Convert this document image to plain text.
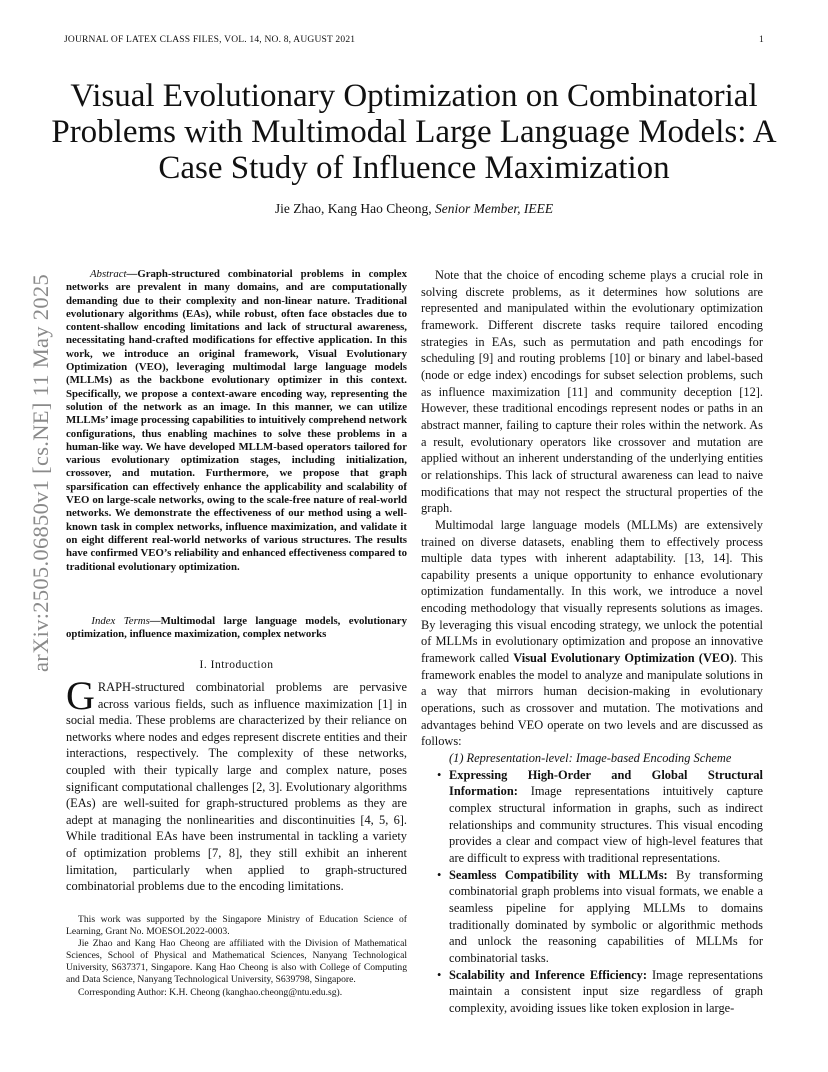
JOURNAL OF LATEX CLASS FILES, VOL. 14, NO. 8, AUGUST 2021	1
Visual Evolutionary Optimization on Combinatorial Problems with Multimodal Large Language Models: A Case Study of Influence Maximization
Jie Zhao, Kang Hao Cheong, Senior Member, IEEE
arXiv:2505.06850v1 [cs.NE] 11 May 2025	Abstract—Graph-structured combinatorial problems in complex networks are prevalent in many domains, and are computationally demanding due to their complexity and non-linear nature. Traditional evolutionary algorithms (EAs), while robust, often face obstacles due to content-shallow encoding limitations and lack of structural awareness, necessitating hand-crafted modifications for effective application. In this work, we introduce an original framework, Visual Evolutionary Optimization (VEO), leveraging multimodal large language models (MLLMs) as the backbone evolutionary optimizer in this context. Specifically, we propose a context-aware encoding way, representing the solution of the network as an image. In this manner, we can utilize MLLMs’ image processing capabilities to intuitively comprehend network configurations, thus enabling machines to solve these problems in a human-like way. We have developed MLLM-based operators tailored for various evolutionary optimization stages, including initialization, crossover, and mutation. Furthermore, we propose that graph sparsification can effectively enhance the applicability and scalability of VEO on large-scale networks, owing to the scale-free nature of real-world networks. We demonstrate the effectiveness of our method using a well-known task in complex networks, influence maximization, and validate it on eight different real-world networks of various structures. The results have confirmed VEO’s reliability and enhanced effectiveness compared to traditional evolutionary optimization.
Index Terms—Multimodal large language models, evolutionary optimization, influence maximization, complex networks
I. Introduction

GRAPH-structured combinatorial problems are pervasive across various fields, such as influence maximization [1] in social media. These problems are characterized by their reliance on networks where nodes and edges represent discrete entities and their interactions, respectively. The complexity of these networks, coupled with their typically large and complex nature, poses significant computational challenges [2, 3]. Evolutionary algorithms (EAs) are well-suited for graph-structured problems as they are adept at managing the nonlinearities and discontinuities [4, 5, 6]. While traditional EAs have been instrumental in tackling a variety of optimization problems [7, 8], they still exhibit an inherent limitation, particularly when applied to graph-structured combinatorial problems due to the encoding limitations.

This work was supported by the Singapore Ministry of Education Science of Learning, Grant No. MOESOL2022-0003.

Jie Zhao and Kang Hao Cheong are affiliated with the Division of Mathematical Sciences, School of Physical and Mathematical Sciences, Nanyang Technological University, S637371, Singapore. Kang Hao Cheong is also with College of Computing and Data Science, Nanyang Technological University, S639798, Singapore.

Corresponding Author: K.H. Cheong (kanghao.cheong@ntu.edu.sg).

Note that the choice of encoding scheme plays a crucial role in solving discrete problems, as it determines how solutions are represented and manipulated within the evolutionary optimization framework. Different discrete tasks require tailored encoding strategies in EAs, such as permutation and path encodings for scheduling [9] and routing problems [10] or binary and label-based (node or edge index) encodings for subset selection problems, such as influence maximization [11] and community deception [12]. However, these traditional encodings represent nodes or paths in an abstract manner, failing to capture their roles within the network. As a result, evolutionary operators like crossover and mutation are applied without an inherent understanding of the underlying entities or relationships. This lack of structural awareness can lead to naive modifications that may not respect the structural properties of the graph.

Multimodal large language models (MLLMs) are extensively trained on diverse datasets, enabling them to effectively process multiple data types with inherent adaptability. [13, 14]. This capability presents a unique opportunity to enhance evolutionary optimization fundamentally. In this work, we introduce a novel encoding methodology that visually represents solutions as images. By leveraging this visual encoding strategy, we unlock the potential of MLLMs in evolutionary optimization and propose an innovative framework called Visual Evolutionary Optimization (VEO). This framework enables the model to analyze and manipulate solutions in a way that mirrors human decision-making in evolutionary operations, such as crossover and mutation. The motivations and advantages behind VEO operate on two levels and are discussed as follows:

(1) Representation-level: Image-based Encoding Scheme

• Expressing High-Order and Global Structural Information: Image representations intuitively capture complex structural information in graphs, such as indirect relationships and community structures. This visual encoding provides a clear and compact view of high-level features that are difficult to express with traditional representations.
• Seamless Compatibility with MLLMs: By transforming combinatorial graph problems into visual formats, we enable a seamless pipeline for applying MLLMs to domains traditionally dominated by symbolic or algorithmic methods and unlock the reasoning capabilities of MLLMs for combinatorial tasks.
• Scalability and Inference Efficiency: Image representations maintain a consistent input size regardless of graph complexity, avoiding issues like token explosion in large-
